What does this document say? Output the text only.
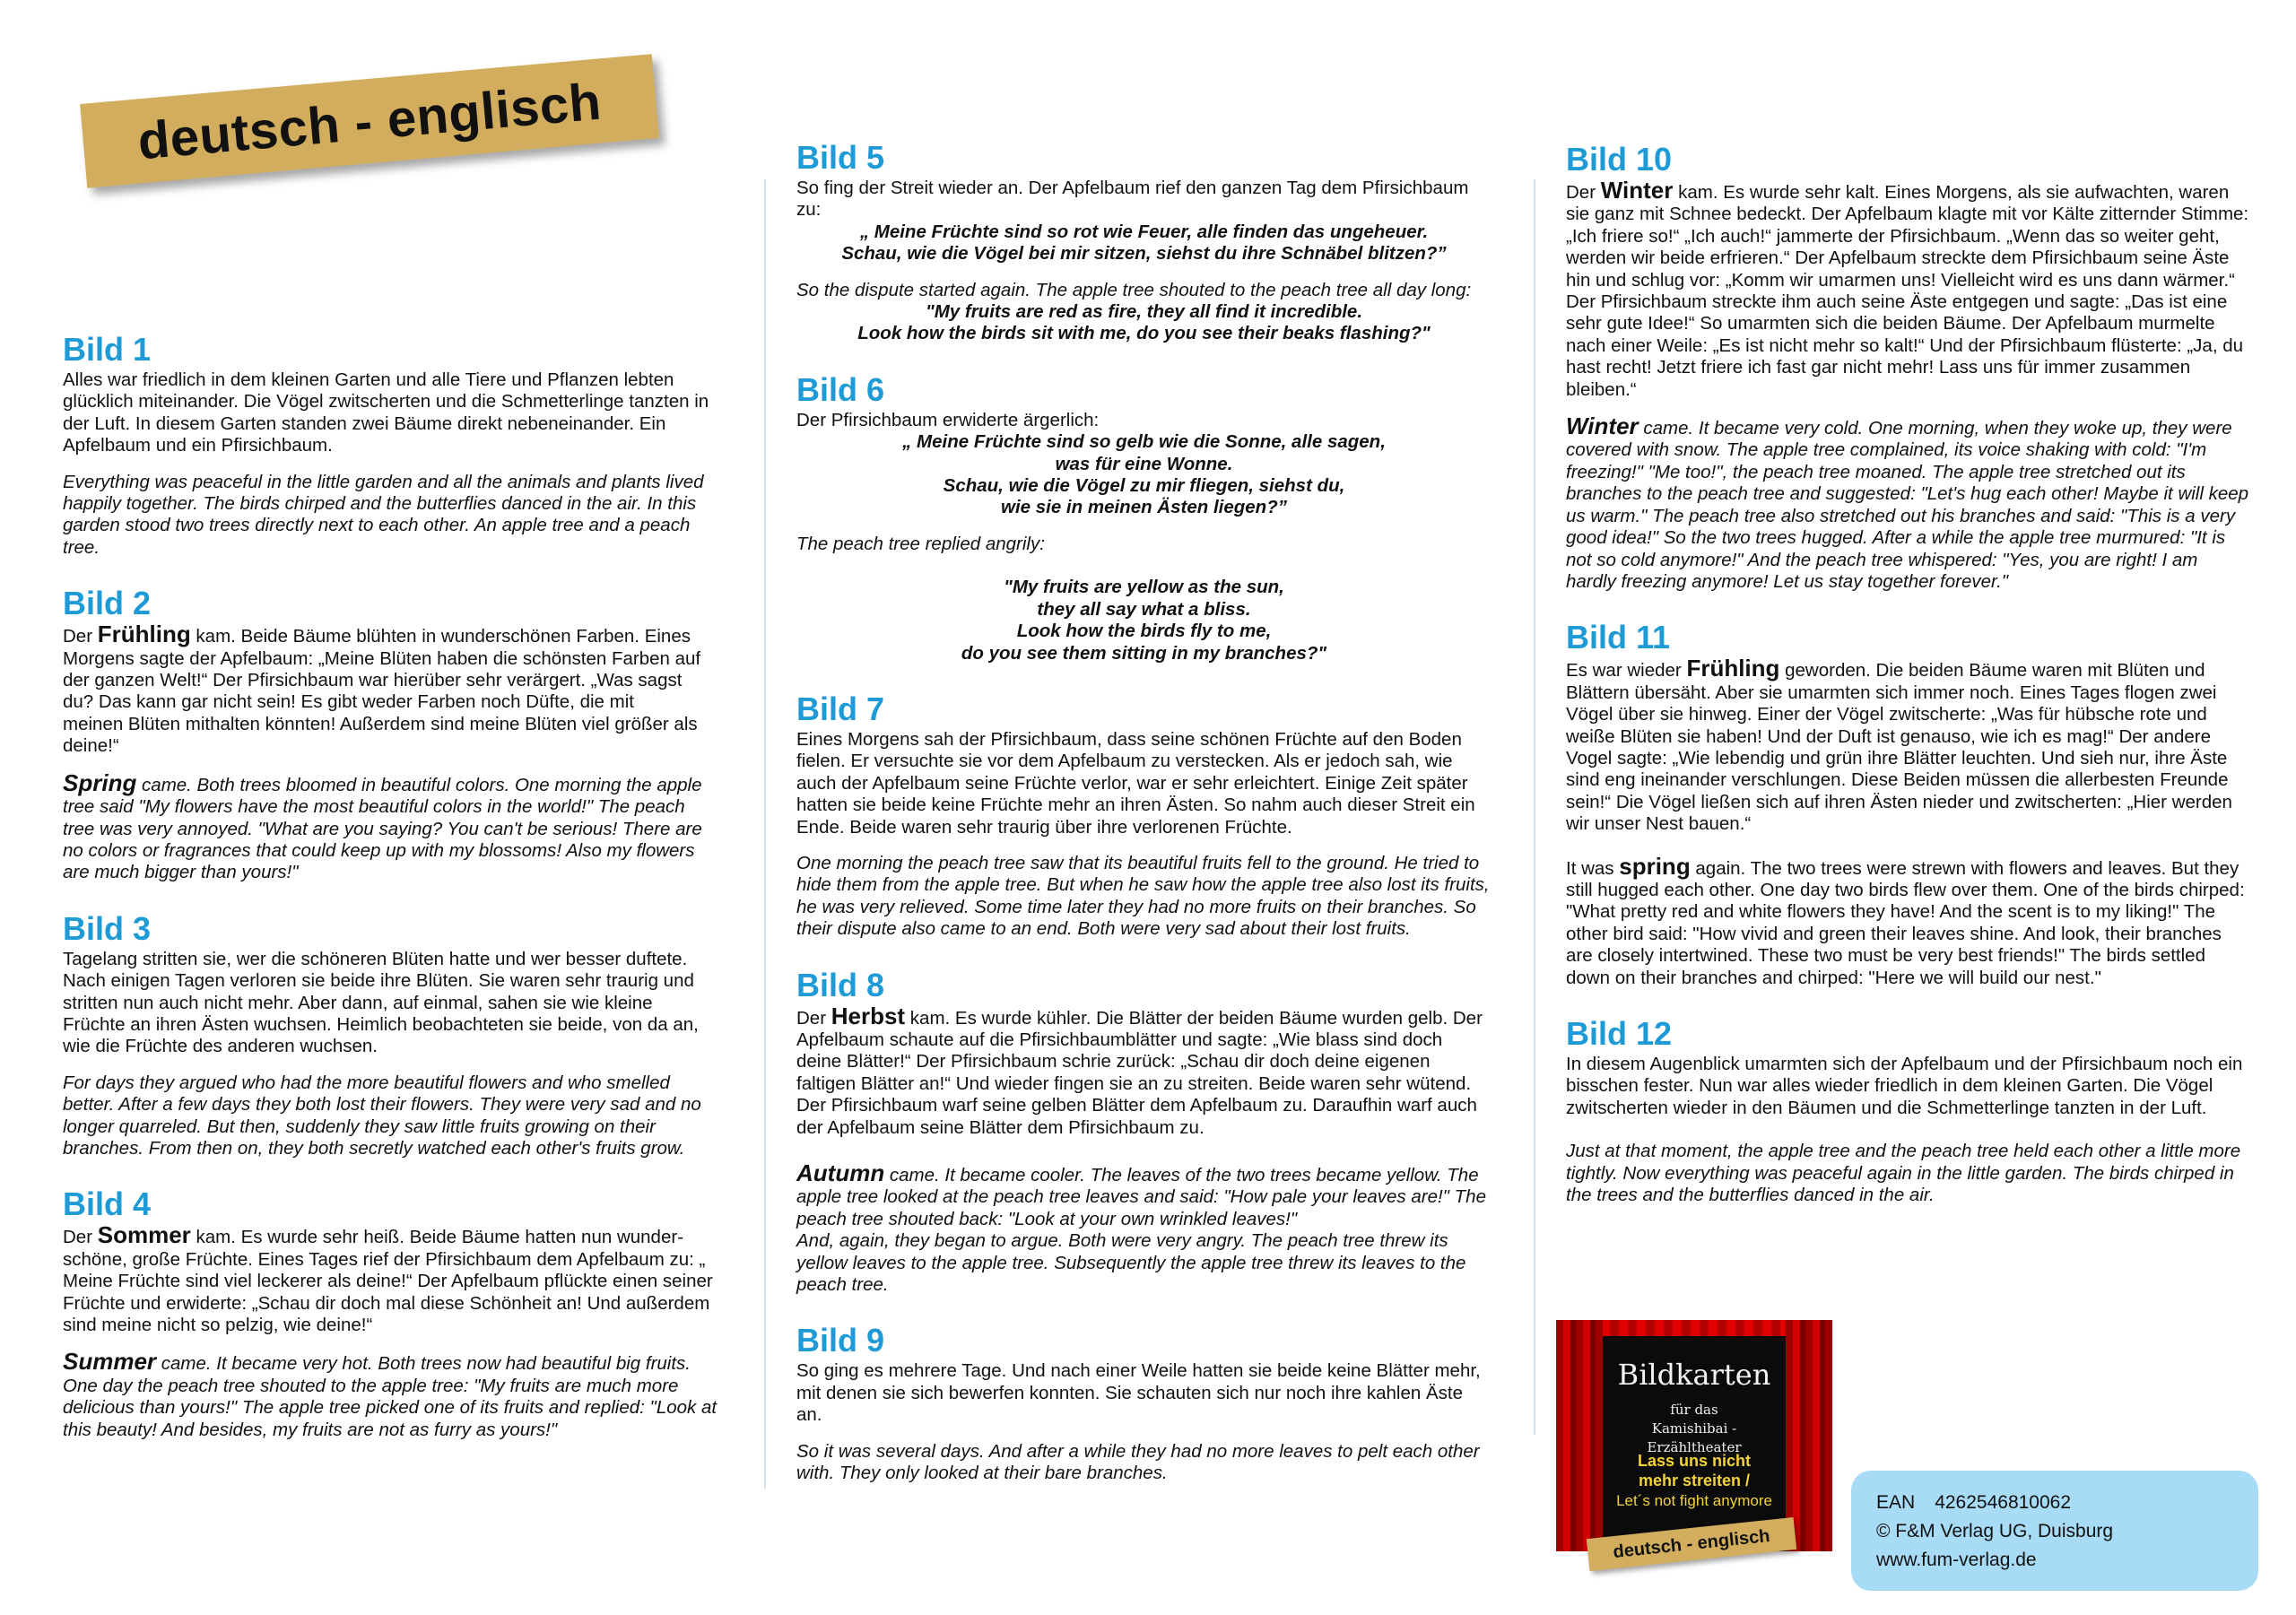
deutsch - englisch
Bild 1

Alles war friedlich in dem kleinen Garten und alle Tiere und Pflanzen lebten glücklich miteinander. Die Vögel zwitscherten und die Schmetterlinge tanzten in der Luft. In diesem Garten standen zwei Bäume direkt nebeneinander. Ein Apfelbaum und ein Pfirsichbaum.

Everything was peaceful in the little garden and all the animals and plants lived happily together. The birds chirped and the butterflies danced in the air. In this garden stood two trees directly next to each other. An apple tree and a peach tree.

Bild 2

Der Frühling kam. Beide Bäume blühten in wunderschönen Farben. Eines Morgens sagte der Apfelbaum: „Meine Blüten haben die schönsten Farben auf der ganzen Welt!“ Der Pfirsichbaum war hierüber sehr verärgert. „Was sagst du? Das kann gar nicht sein! Es gibt weder Farben noch Düfte, die mit
meinen Blüten mithalten könnten! Außerdem sind meine Blüten viel größer als deine!“

Spring came. Both trees bloomed in beautiful colors. One morning the apple tree said "My flowers have the most beautiful colors in the world!" The peach tree was very annoyed. "What are you saying? You can't be serious! There are no colors or fragrances that could keep up with my blossoms! Also my flowers are much bigger than yours!"

Bild 3

Tagelang stritten sie, wer die schöneren Blüten hatte und wer besser duftete. Nach einigen Tagen verloren sie beide ihre Blüten. Sie waren sehr traurig und stritten nun auch nicht mehr. Aber dann, auf einmal, sahen sie wie kleine Früchte an ihren Ästen wuchsen. Heimlich beobachteten sie beide, von da an, wie die Früchte des anderen wuchsen.

For days they argued who had the more beautiful flowers and who smelled better. After a few days they both lost their flowers. They were very sad and no longer quarreled. But then, suddenly they saw little fruits growing on their branches. From then on, they both secretly watched each other's fruits grow.

Bild 4

Der Sommer kam. Es wurde sehr heiß. Beide Bäume hatten nun wunder-schöne, große Früchte. Eines Tages rief der Pfirsichbaum dem Apfelbaum zu: „ Meine Früchte sind viel leckerer als deine!“ Der Apfelbaum pflückte einen seiner Früchte und erwiderte: „Schau dir doch mal diese Schönheit an! Und außerdem sind meine nicht so pelzig, wie deine!“

Summer came. It became very hot. Both trees now had beautiful big fruits. One day the peach tree shouted to the apple tree: "My fruits are much more delicious than yours!" The apple tree picked one of its fruits and replied: "Look at this beauty! And besides, my fruits are not as furry as yours!"

Bild 5

So fing der Streit wieder an. Der Apfelbaum rief den ganzen Tag dem Pfirsichbaum zu:

„ Meine Früchte sind so rot wie Feuer, alle finden das ungeheuer.

Schau, wie die Vögel bei mir sitzen, siehst du ihre Schnäbel blitzen?”

So the dispute started again. The apple tree shouted to the peach tree all day long:

"My fruits are red as fire, they all find it incredible.

Look how the birds sit with me, do you see their beaks flashing?"

Bild 6

Der Pfirsichbaum erwiderte ärgerlich:

„ Meine Früchte sind so gelb wie die Sonne, alle sagen,

was für eine Wonne.

Schau, wie die Vögel zu mir fliegen, siehst du,

wie sie in meinen Ästen liegen?”

The peach tree replied angrily:

"My fruits are yellow as the sun,

they all say what a bliss.

Look how the birds fly to me,

do you see them sitting in my branches?"

Bild 7

Eines Morgens sah der Pfirsichbaum, dass seine schönen Früchte auf den Boden fielen. Er versuchte sie vor dem Apfelbaum zu verstecken. Als er jedoch sah, wie auch der Apfelbaum seine Früchte verlor, war er sehr erleichtert. Einige Zeit später hatten sie beide keine Früchte mehr an ihren Ästen. So nahm auch dieser Streit ein Ende. Beide waren sehr traurig über ihre verlorenen Früchte.

One morning the peach tree saw that its beautiful fruits fell to the ground. He tried to hide them from the apple tree. But when he saw how the apple tree also lost its fruits, he was very relieved. Some time later they had no more fruits on their branches. So their dispute also came to an end. Both were very sad about their lost fruits.

Bild 8

Der Herbst kam. Es wurde kühler. Die Blätter der beiden Bäume wurden gelb. Der Apfelbaum schaute auf die Pfirsichbaumblätter und sagte: „Wie blass sind doch deine Blätter!“ Der Pfirsichbaum schrie zurück: „Schau dir doch deine eigenen faltigen Blätter an!“ Und wieder fingen sie an zu streiten. Beide waren sehr wütend. Der Pfirsichbaum warf seine gelben Blätter dem Apfelbaum zu. Daraufhin warf auch der Apfelbaum seine Blätter dem Pfirsichbaum zu.

Autumn came. It became cooler. The leaves of the two trees became yellow. The apple tree looked at the peach tree leaves and said: "How pale your leaves are!" The peach tree shouted back: "Look at your own wrinkled leaves!"
And, again, they began to argue. Both were very angry. The peach tree threw its yellow leaves to the apple tree. Subsequently the apple tree threw its leaves to the peach tree.

Bild 9

So ging es mehrere Tage. Und nach einer Weile hatten sie beide keine Blätter mehr, mit denen sie sich bewerfen konnten. Sie schauten sich nur noch ihre kahlen Äste an.

So it was several days. And after a while they had no more leaves to pelt each other with. They only looked at their bare branches.

Bild 10

Der Winter kam. Es wurde sehr kalt. Eines Morgens, als sie aufwachten, waren sie ganz mit Schnee bedeckt. Der Apfelbaum klagte mit vor Kälte zitternder Stimme: „Ich friere so!“ „Ich auch!“ jammerte der Pfirsichbaum. „Wenn das so weiter geht, werden wir beide erfrieren.“ Der Apfelbaum streckte dem Pfirsichbaum seine Äste hin und schlug vor: „Komm wir umarmen uns! Vielleicht wird es uns dann wärmer.“ Der Pfirsichbaum streckte ihm auch seine Äste entgegen und sagte: „Das ist eine sehr gute Idee!“ So umarmten sich die beiden Bäume. Der Apfelbaum murmelte nach einer Weile: „Es ist nicht mehr so kalt!“ Und der Pfirsichbaum flüsterte: „Ja, du hast recht! Jetzt friere ich fast gar nicht mehr! Lass uns für immer zusammen bleiben.“

Winter came. It became very cold. One morning, when they woke up, they were covered with snow. The apple tree complained, its voice shaking with cold: "I'm freezing!" "Me too!", the peach tree moaned. The apple tree stretched out its branches to the peach tree and suggested: "Let's hug each other! Maybe it will keep us warm." The peach tree also stretched out his branches and said: "This is a very good idea!" So the two trees hugged. After a while the apple tree murmured: "It is not so cold anymore!" And the peach tree whispered: "Yes, you are right! I am hardly freezing anymore! Let us stay together forever."

Bild 11

Es war wieder Frühling geworden. Die beiden Bäume waren mit Blüten und Blättern übersäht. Aber sie umarmten sich immer noch. Eines Tages flogen zwei Vögel über sie hinweg. Einer der Vögel zwitscherte: „Was für hübsche rote und weiße Blüten sie haben! Und der Duft ist genauso, wie ich es mag!“ Der andere Vogel sagte: „Wie lebendig und grün ihre Blätter leuchten. Und sieh nur, ihre Äste sind eng ineinander verschlungen. Diese Beiden müssen die allerbesten Freunde sein!“ Die Vögel ließen sich auf ihren Ästen nieder und zwitscherten: „Hier werden wir unser Nest bauen.“

It was spring again. The two trees were strewn with flowers and leaves. But they still hugged each other. One day two birds flew over them. One of the birds chirped: "What pretty red and white flowers they have! And the scent is to my liking!" The other bird said: "How vivid and green their leaves shine. And look, their branches are closely intertwined. These two must be very best friends!" The birds settled down on their branches and chirped: "Here we will build our nest."

Bild 12

In diesem Augenblick umarmten sich der Apfelbaum und der Pfirsichbaum noch ein bisschen fester. Nun war alles wieder friedlich in dem kleinen Garten. Die Vögel zwitscherten wieder in den Bäumen und die Schmetterlinge tanzten in der Luft.

Just at that moment, the apple tree and the peach tree held each other a little more tightly. Now everything was peaceful again in the little garden. The birds chirped in the trees and the butterflies danced in the air.

Bildkarten
für das
Kamishibai - Erzähltheater
Lass uns nicht
mehr streiten /
Let´s not fight anymore
deutsch - englisch
EAN 4262546810062
© F&M Verlag UG, Duisburg
www.fum-verlag.de
